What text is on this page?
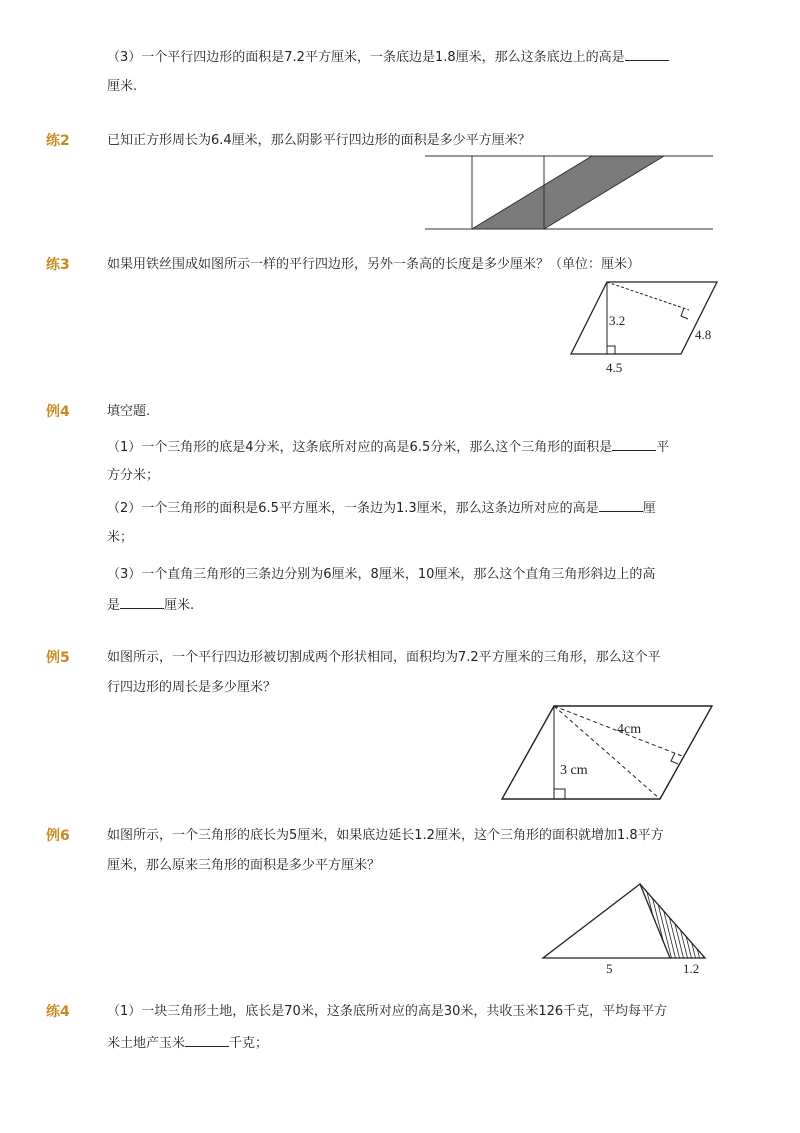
（3）一个平行四边形的面积是7.2平方厘米，一条底边是1.8厘米，那么这条底边上的高是
厘米.
练2	已知正方形周长为6.4厘米，那么阴影平行四边形的面积是多少平方厘米？
练3	如果用铁丝围成如图所示一样的平行四边形，另外一条高的长度是多少厘米？（单位：厘米）
3.2
4.8
4.5
例4	填空题.
（1）一个三角形的底是4分米，这条底所对应的高是6.5分米，那么这个三角形的面积是	平
方分米；
（2）一个三角形的面积是6.5平方厘米，一条边为1.3厘米，那么这条边所对应的高是	厘
米；
（3）一个直角三角形的三条边分别为6厘米，8厘米，10厘米，那么这个直角三角形斜边上的高
是	厘米.
例5	如图所示，一个平行四边形被切割成两个形状相同，面积均为7.2平方厘米的三角形，那么这个平
行四边形的周长是多少厘米？
4cm
3 cm
例6	如图所示，一个三角形的底长为5厘米，如果底边延长1.2厘米，这个三角形的面积就增加1.8平方
厘米，那么原来三角形的面积是多少平方厘米？
5	1.2
练4	（1）一块三角形土地，底长是70米，这条底所对应的高是30米，共收玉米126千克，平均每平方
米土地产玉米	千克；
